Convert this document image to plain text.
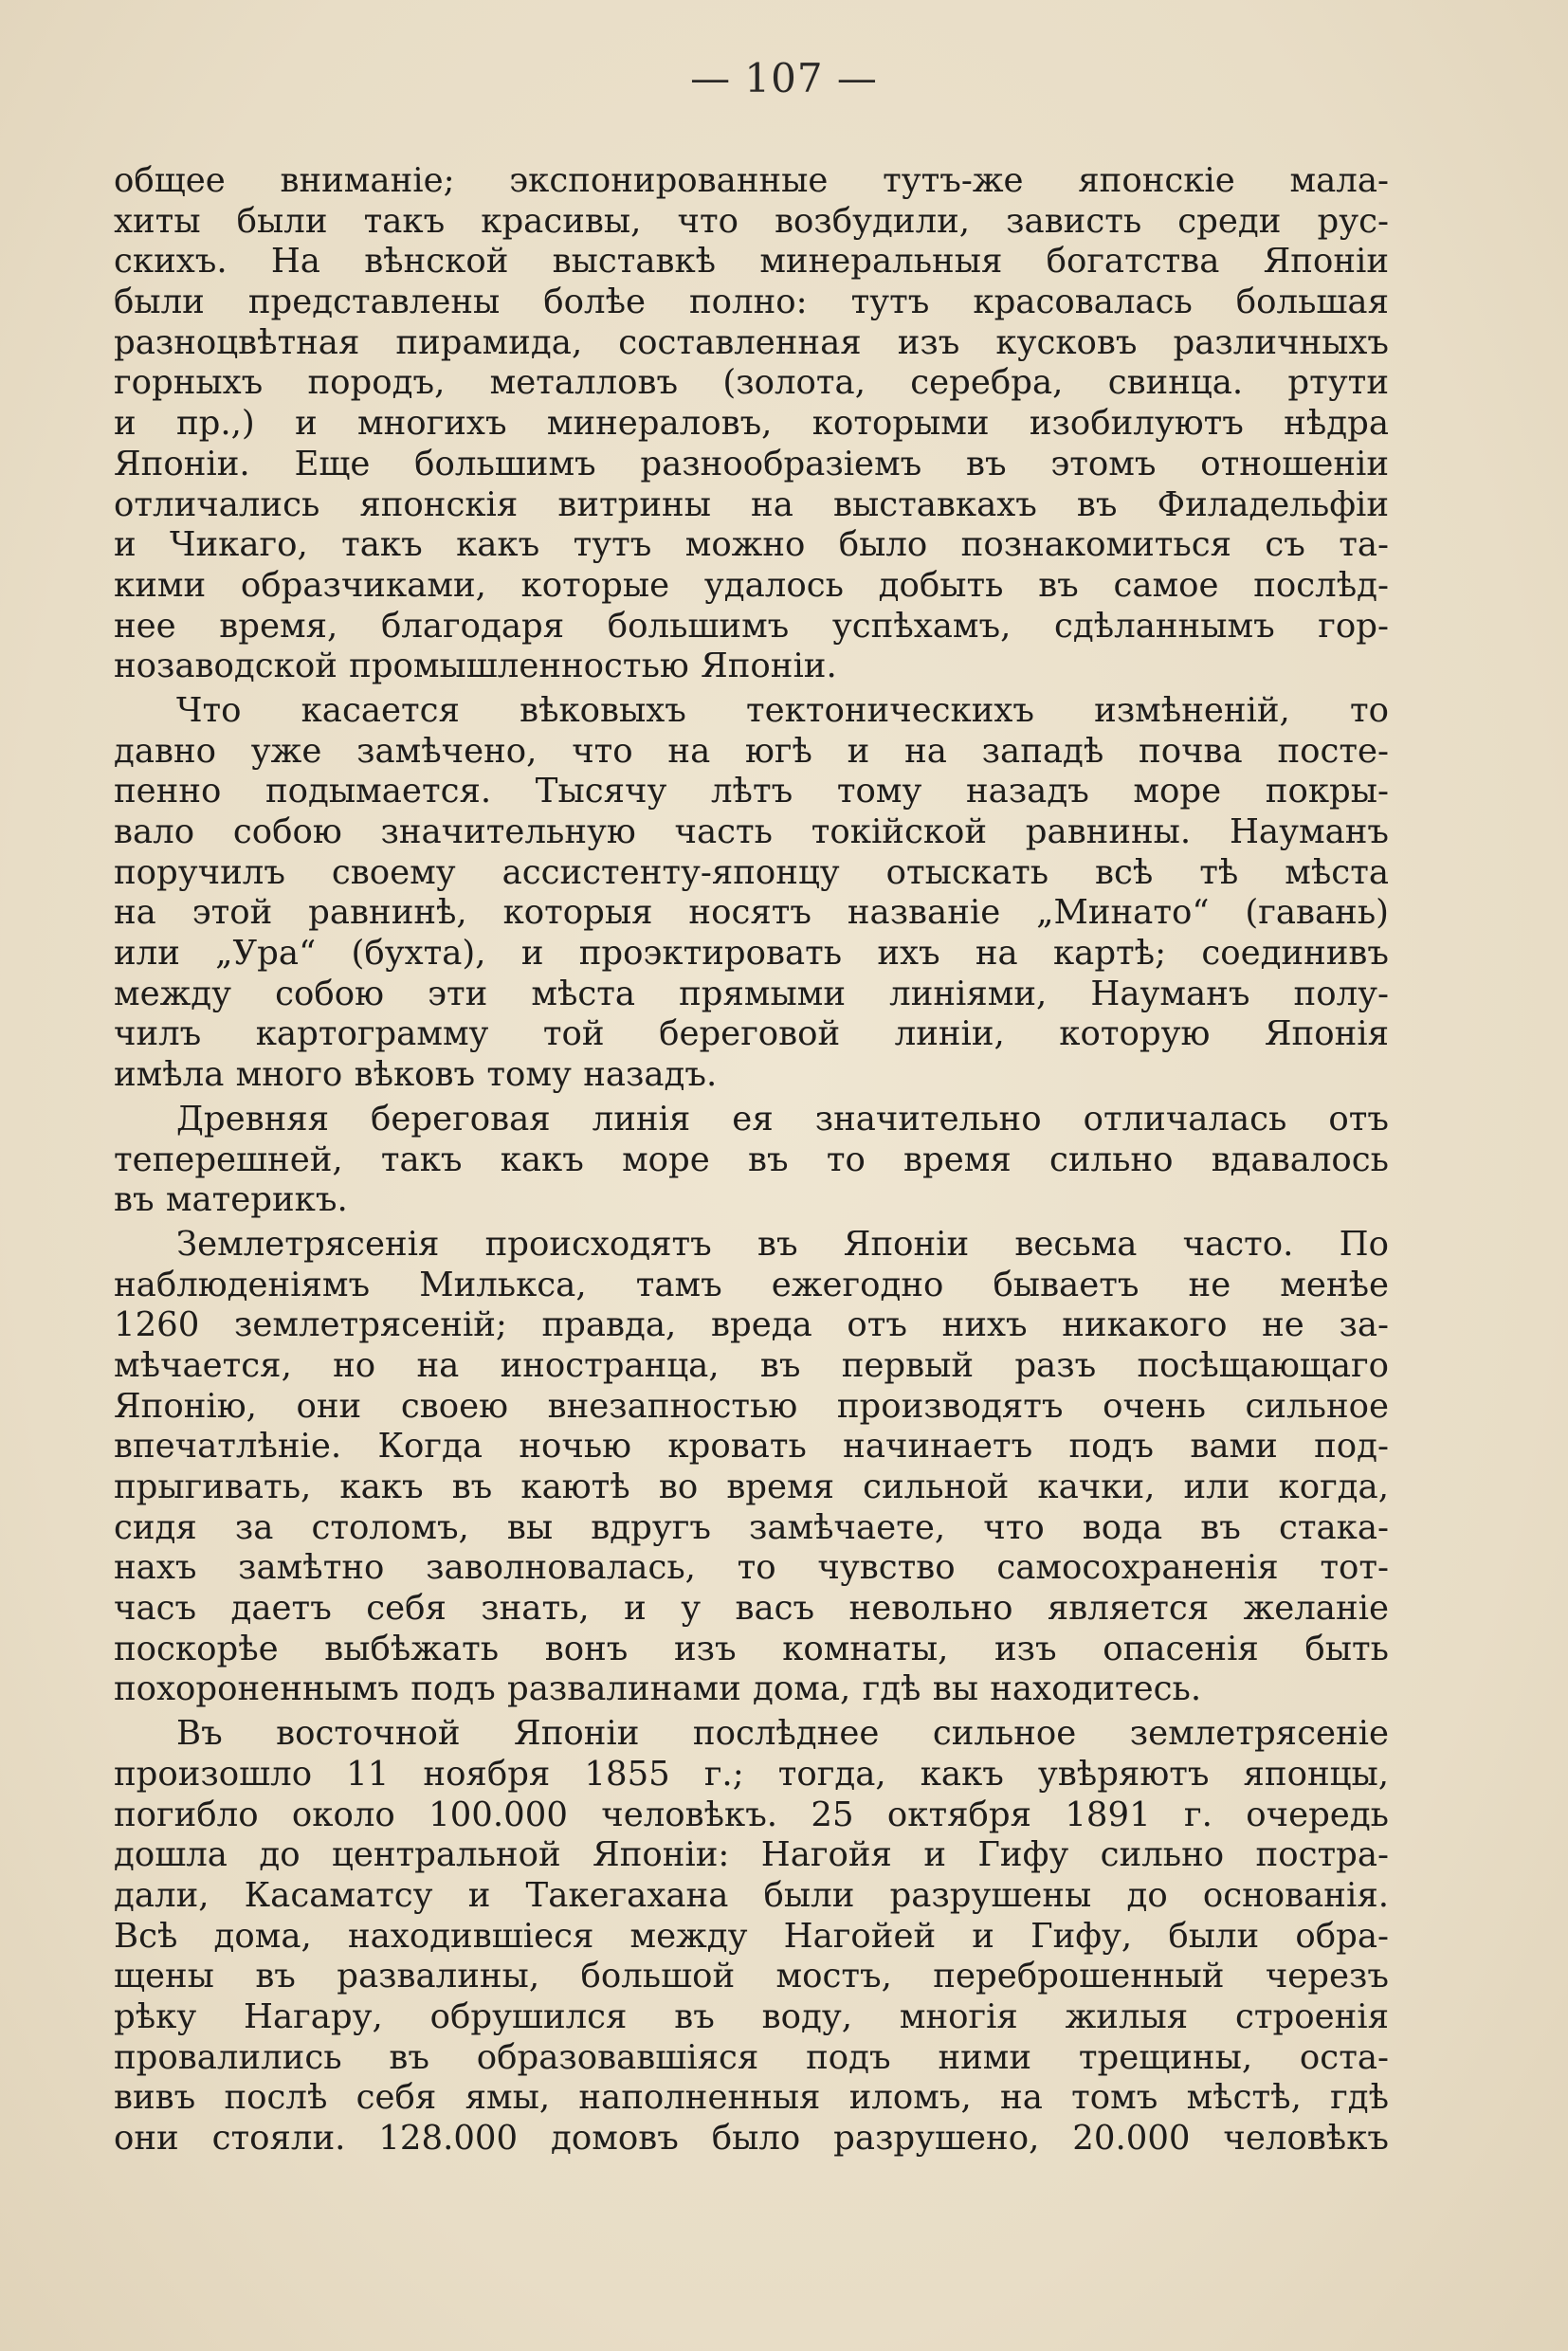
— 107 —
общее вниманіе; экспонированные тутъ-же японскіе мала-
хиты были такъ красивы, что возбудили, зависть среди рус-
скихъ. На вѣнской выставкѣ минеральныя богатства Японіи
были представлены болѣе полно: тутъ красовалась большая
разноцвѣтная пирамида, составленная изъ кусковъ различныхъ
горныхъ породъ, металловъ (золота, серебра, свинца. ртути
и пр.,) и многихъ минераловъ, которыми изобилуютъ нѣдра
Японіи. Еще большимъ разнообразіемъ въ этомъ отношеніи
отличались японскія витрины на выставкахъ въ Филадельфіи
и Чикаго, такъ какъ тутъ можно было познакомиться съ та-
кими образчиками, которые удалось добыть въ самое послѣд-
нее время, благодаря большимъ успѣхамъ, сдѣланнымъ гор-
нозаводской промышленностью Японіи.
Что касается вѣковыхъ тектоническихъ измѣненій, то
давно уже замѣчено, что на югѣ и на западѣ почва посте-
пенно подымается. Тысячу лѣтъ тому назадъ море покры-
вало собою значительную часть токійской равнины. Науманъ
поручилъ своему ассистенту-японцу отыскать всѣ тѣ мѣста
на этой равнинѣ, которыя носятъ названіе „Минато“ (гавань)
или „Ура“ (бухта), и проэктировать ихъ на картѣ; соединивъ
между собою эти мѣста прямыми линіями, Науманъ полу-
чилъ картограмму той береговой линіи, которую Японія
имѣла много вѣковъ тому назадъ.
Древняя береговая линія ея значительно отличалась отъ
теперешней, такъ какъ море въ то время сильно вдавалось
въ материкъ.
Землетрясенія происходятъ въ Японіи весьма часто. По
наблюденіямъ Милькса, тамъ ежегодно бываетъ не менѣе
1260 землетрясеній; правда, вреда отъ нихъ никакого не за-
мѣчается, но на иностранца, въ первый разъ посѣщающаго
Японію, они своею внезапностью производятъ очень сильное
впечатлѣніе. Когда ночью кровать начинаетъ подъ вами под-
прыгивать, какъ въ каютѣ во время сильной качки, или когда,
сидя за столомъ, вы вдругъ замѣчаете, что вода въ стака-
нахъ замѣтно заволновалась, то чувство самосохраненія тот-
часъ даетъ себя знать, и у васъ невольно является желаніе
поскорѣе выбѣжать вонъ изъ комнаты, изъ опасенія быть
похороненнымъ подъ развалинами дома, гдѣ вы находитесь.
Въ восточной Японіи послѣднее сильное землетрясеніе
произошло 11 ноября 1855 г.; тогда, какъ увѣряютъ японцы,
погибло около 100.000 человѣкъ. 25 октября 1891 г. очередь
дошла до центральной Японіи: Нагойя и Гифу сильно постра-
дали, Касаматсу и Такегахана были разрушены до основанія.
Всѣ дома, находившіеся между Нагойей и Гифу, были обра-
щены въ развалины, большой мостъ, переброшенный черезъ
рѣку Нагару, обрушился въ воду, многія жилыя строенія
провалились въ образовавшіяся подъ ними трещины, оста-
вивъ послѣ себя ямы, наполненныя иломъ, на томъ мѣстѣ, гдѣ
они стояли. 128.000 домовъ было разрушено, 20.000 человѣкъ
